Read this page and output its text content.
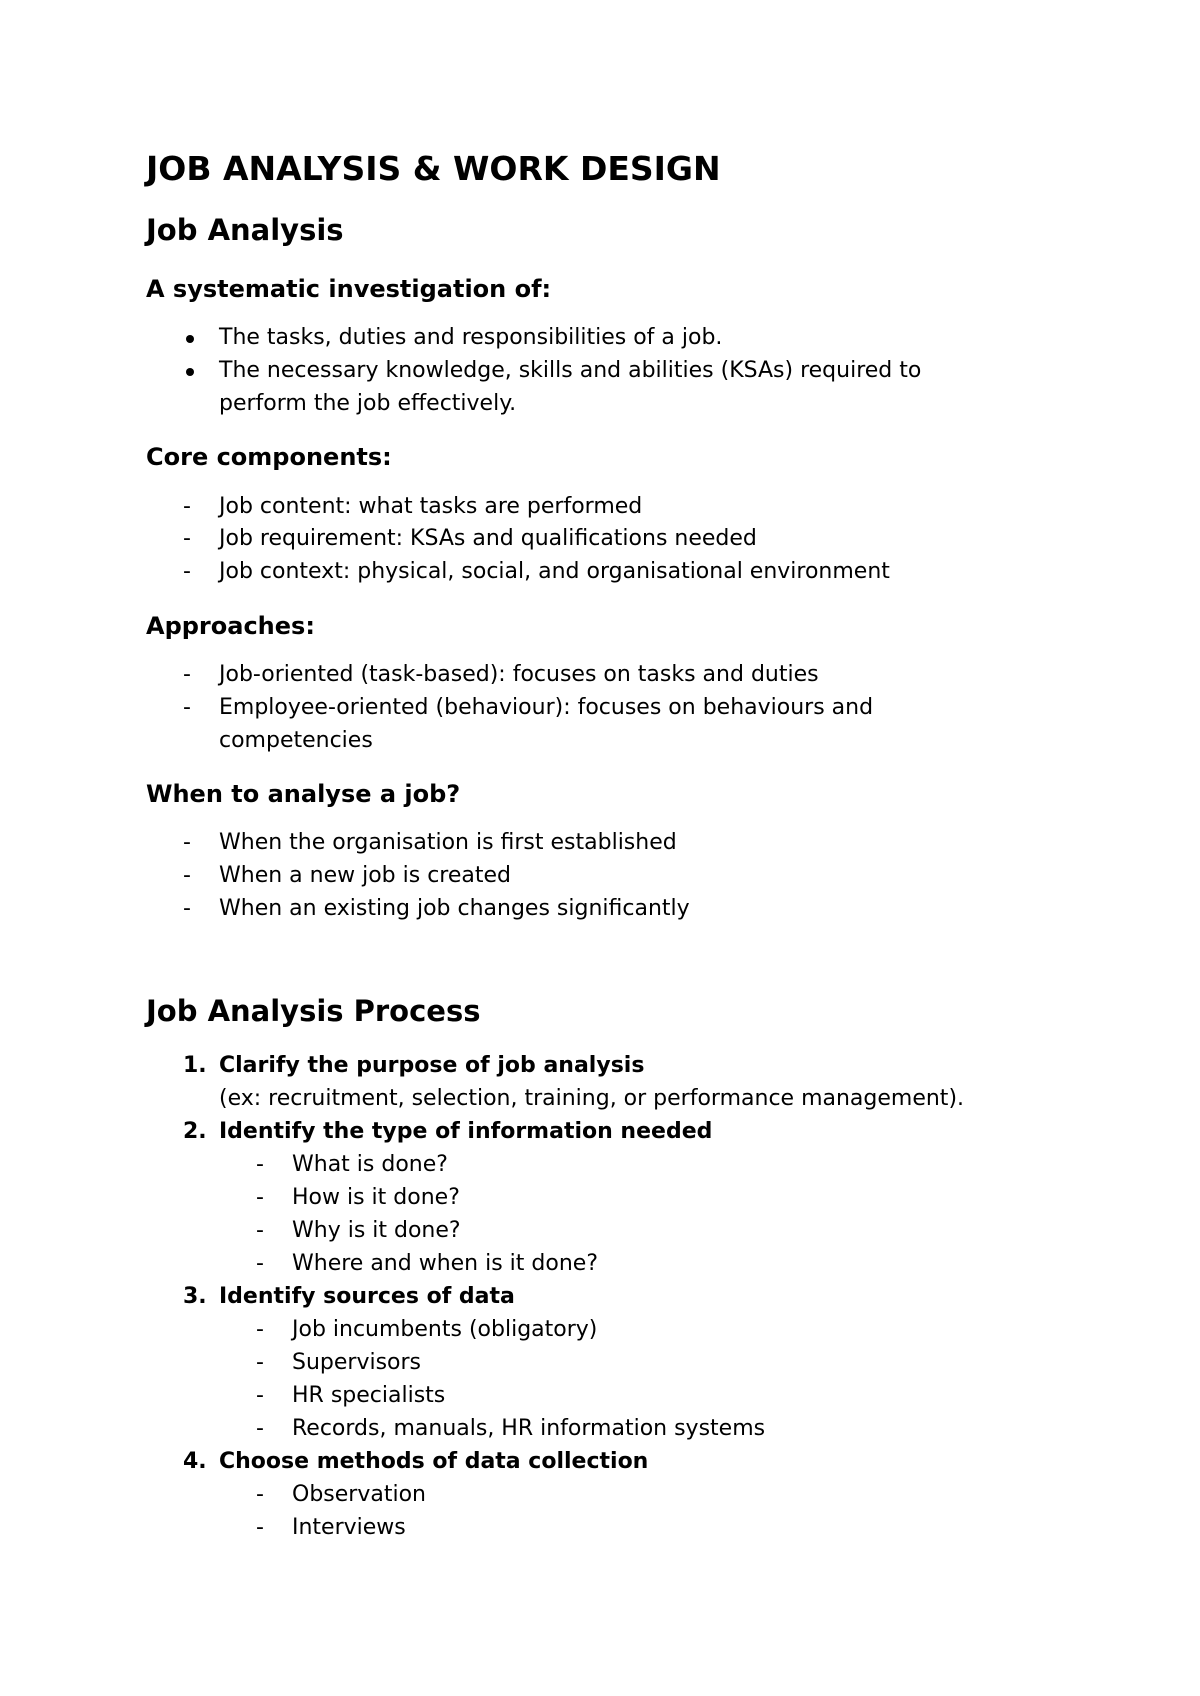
JOB ANALYSIS & WORK DESIGN
Job Analysis
A systematic investigation of:
The tasks, duties and responsibilities of a job.
The necessary knowledge, skills and abilities (KSAs) required to
perform the job effectively.
Core components:
- Job content: what tasks are performed
- Job requirement: KSAs and qualifications needed
- Job context: physical, social, and organisational environment
Approaches:
- Job-oriented (task-based): focuses on tasks and duties
- Employee-oriented (behaviour): focuses on behaviours and
competencies
When to analyse a job?
- When the organisation is first established
- When a new job is created
- When an existing job changes significantly
Job Analysis Process
1. Clarify the purpose of job analysis
(ex: recruitment, selection, training, or performance management).
2. Identify the type of information needed
- What is done?
- How is it done?
- Why is it done?
- Where and when is it done?
3. Identify sources of data
- Job incumbents (obligatory)
- Supervisors
- HR specialists
- Records, manuals, HR information systems
4. Choose methods of data collection
- Observation
- Interviews
